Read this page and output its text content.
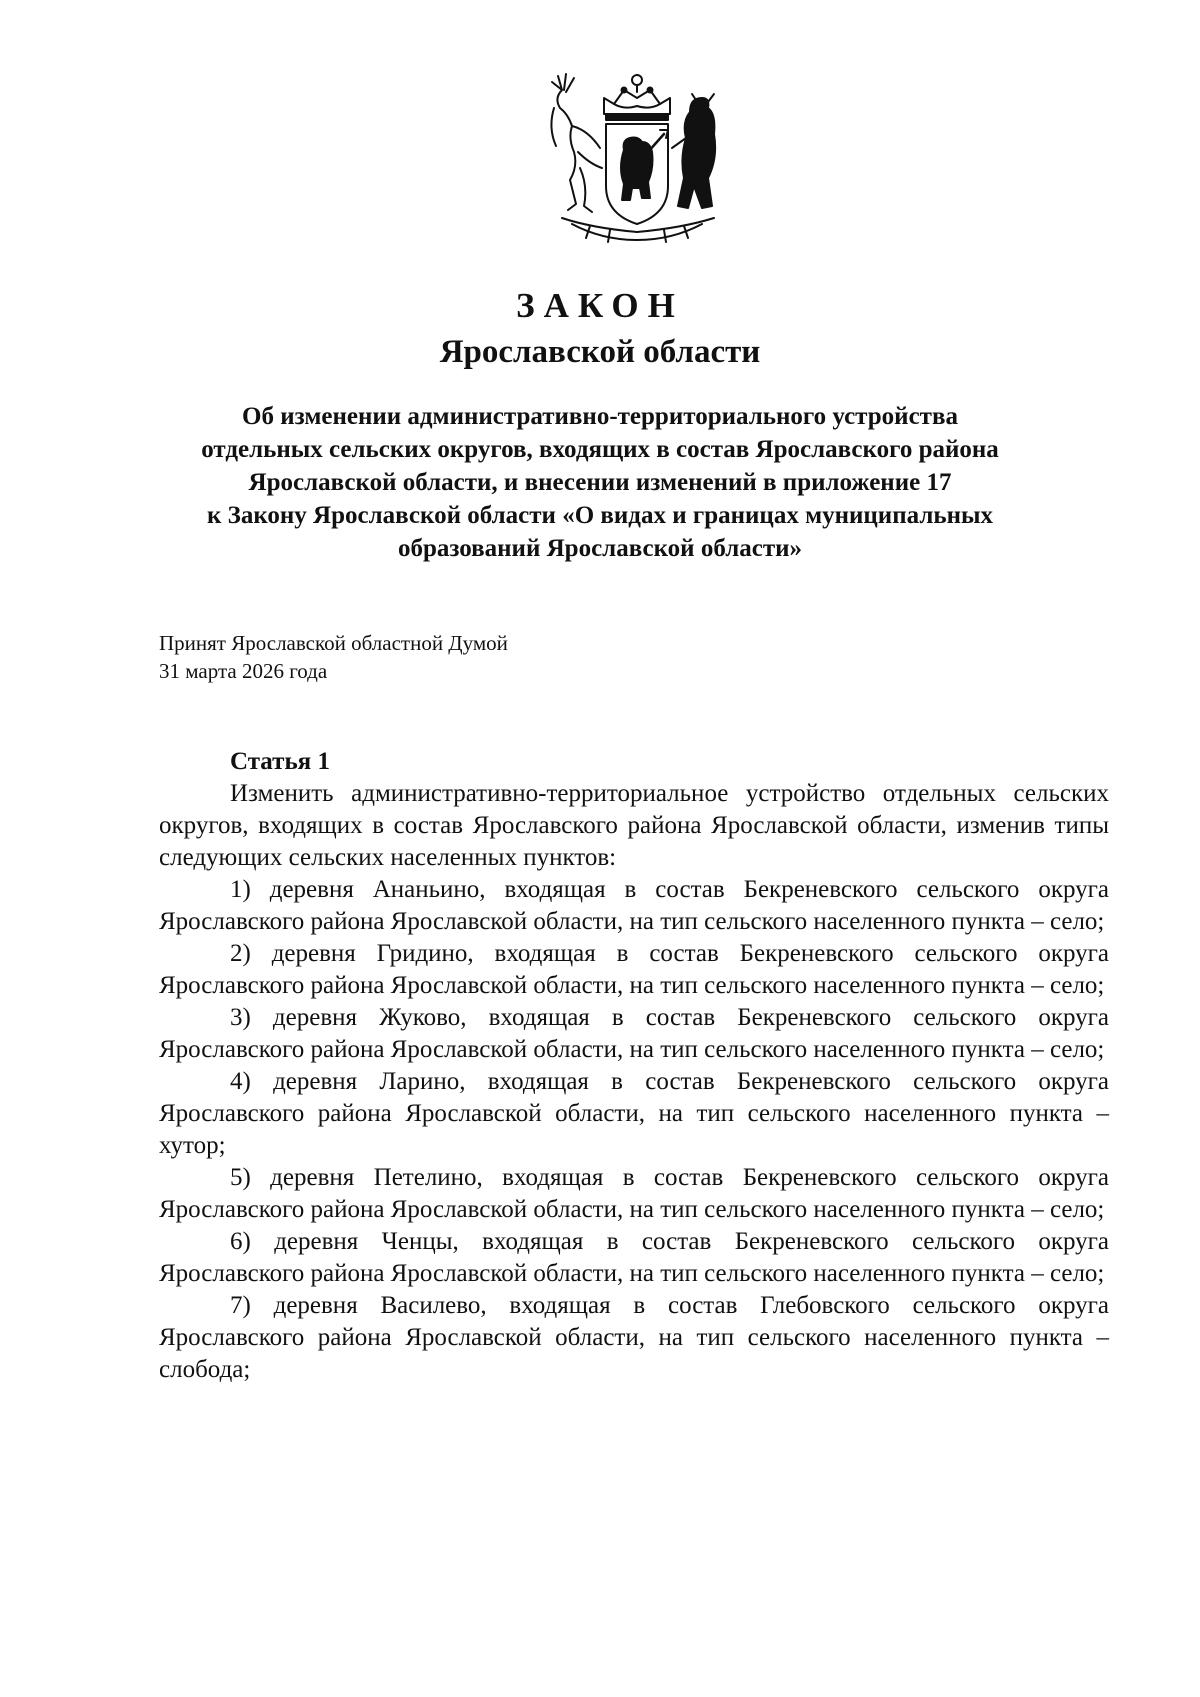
ЗАКОН
Ярославской области
Об изменении административно-территориального устройства
отдельных сельских округов, входящих в состав Ярославского района
Ярославской области, и внесении изменений в приложение 17
к Закону Ярославской области «О видах и границах муниципальных
образований Ярославской области»
Принят Ярославской областной Думой
31 марта 2026 года
Статья 1

Изменить административно-территориальное устройство отдельных сельских округов, входящих в состав Ярославского района Ярославской области, изменив типы следующих сельских населенных пунктов:

1) деревня Ананьино, входящая в состав Бекреневского сельского округа Ярославского района Ярославской области, на тип сельского населенного пункта – село;

2) деревня Гридино, входящая в состав Бекреневского сельского округа Ярославского района Ярославской области, на тип сельского населенного пункта – село;

3) деревня Жуково, входящая в состав Бекреневского сельского округа Ярославского района Ярославской области, на тип сельского населенного пункта – село;

4) деревня Ларино, входящая в состав Бекреневского сельского округа Ярославского района Ярославской области, на тип сельского населенного пункта – хутор;

5) деревня Петелино, входящая в состав Бекреневского сельского округа Ярославского района Ярославской области, на тип сельского населенного пункта – село;

6) деревня Ченцы, входящая в состав Бекреневского сельского округа Ярославского района Ярославской области, на тип сельского населенного пункта – село;

7) деревня Василево, входящая в состав Глебовского сельского округа Ярославского района Ярославской области, на тип сельского населенного пункта – слобода;
